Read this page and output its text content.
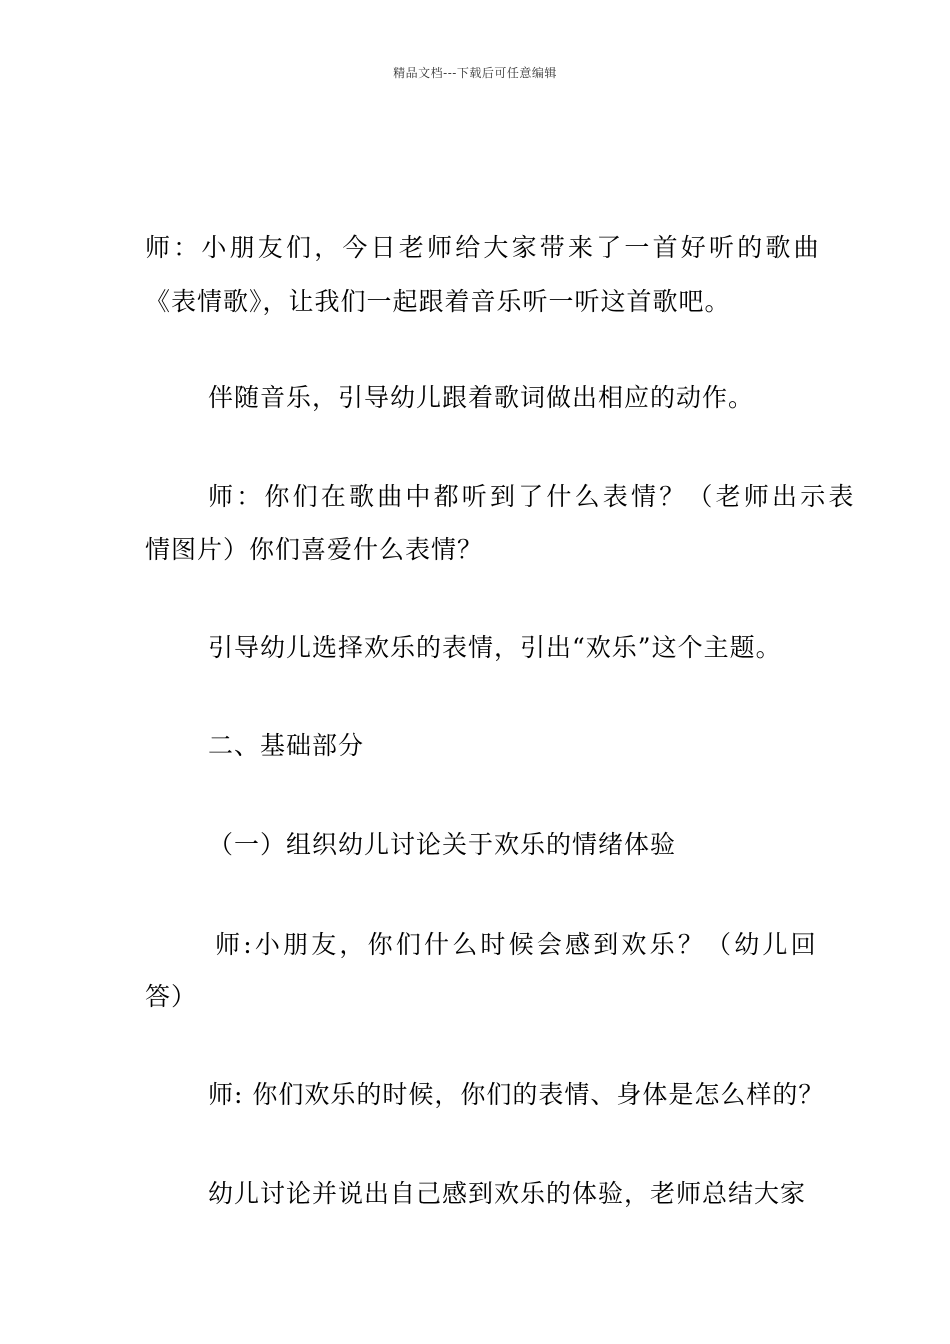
精品文档---下载后可任意编辑
师：小朋友们，今日老师给大家带来了一首好听的歌曲
《表情歌》，让我们一起跟着音乐听一听这首歌吧。
伴随音乐，引导幼儿跟着歌词做出相应的动作。
师：你们在歌曲中都听到了什么表情？（老师出示表
情图片）你们喜爱什么表情？
引导幼儿选择欢乐的表情，引出“欢乐”这个主题。
二、基础部分
（一）组织幼儿讨论关于欢乐的情绪体验
师:小朋友，你们什么时候会感到欢乐？（幼儿回
答）
师: 你们欢乐的时候，你们的表情、身体是怎么样的？
幼儿讨论并说出自己感到欢乐的体验，老师总结大家
